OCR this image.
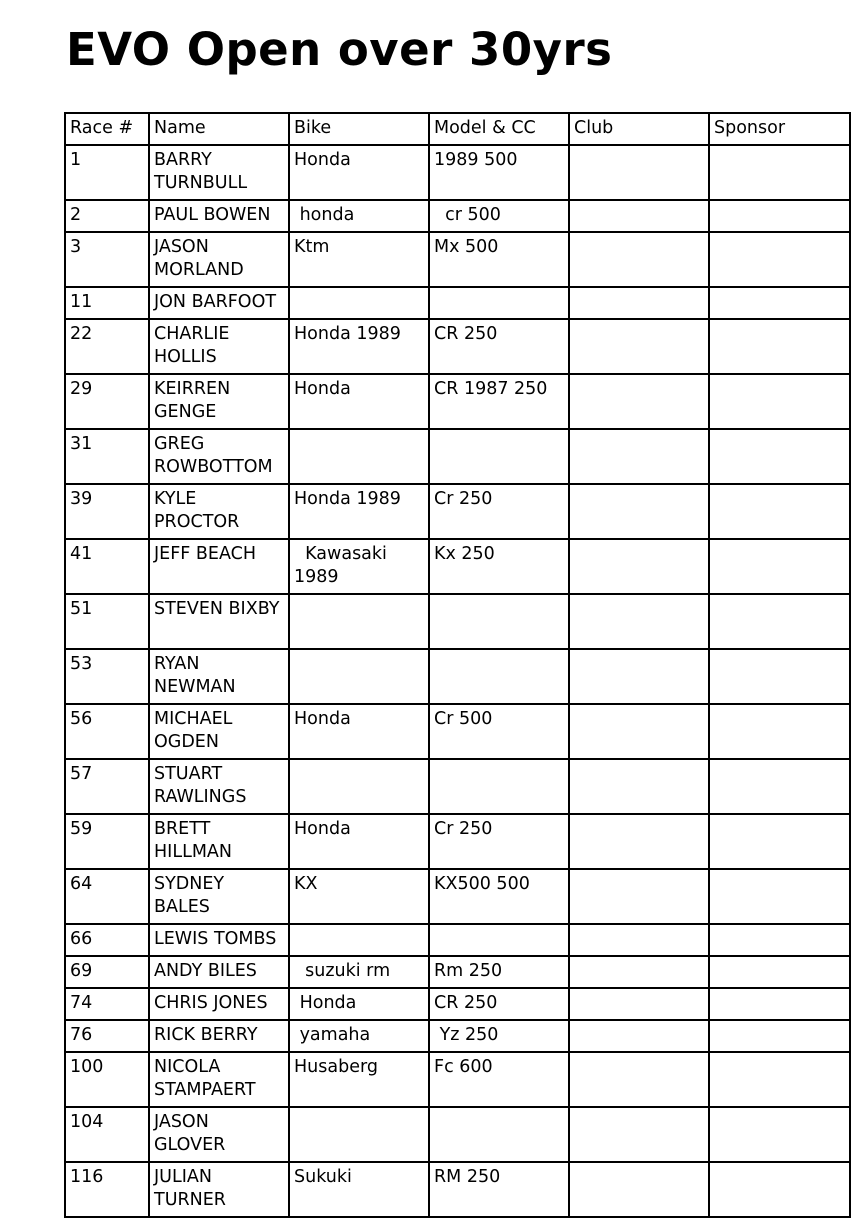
EVO Open over 30yrs
Race #	Name	Bike	Model & CC	Club	Sponsor
1	BARRY TURNBULL	Honda	1989 500		
2	PAUL BOWEN	honda	cr 500		
3	JASON MORLAND	Ktm	Mx 500		
11	JON BARFOOT				
22	CHARLIE HOLLIS	Honda 1989	CR 250		
29	KEIRREN GENGE	Honda	CR 1987 250		
31	GREG ROWBOTTOM				
39	KYLE PROCTOR	Honda 1989	Cr 250		
41	JEFF BEACH	Kawasaki 1989	Kx 250		
51	STEVEN BIXBY				
53	RYAN NEWMAN				
56	MICHAEL OGDEN	Honda	Cr 500		
57	STUART RAWLINGS				
59	BRETT HILLMAN	Honda	Cr 250		
64	SYDNEY BALES	KX	KX500 500		
66	LEWIS TOMBS				
69	ANDY BILES	suzuki rm	Rm 250		
74	CHRIS JONES	Honda	CR 250		
76	RICK BERRY	yamaha	Yz 250		
100	NICOLA STAMPAERT	Husaberg	Fc 600		
104	JASON GLOVER				
116	JULIAN TURNER	Sukuki	RM 250		
